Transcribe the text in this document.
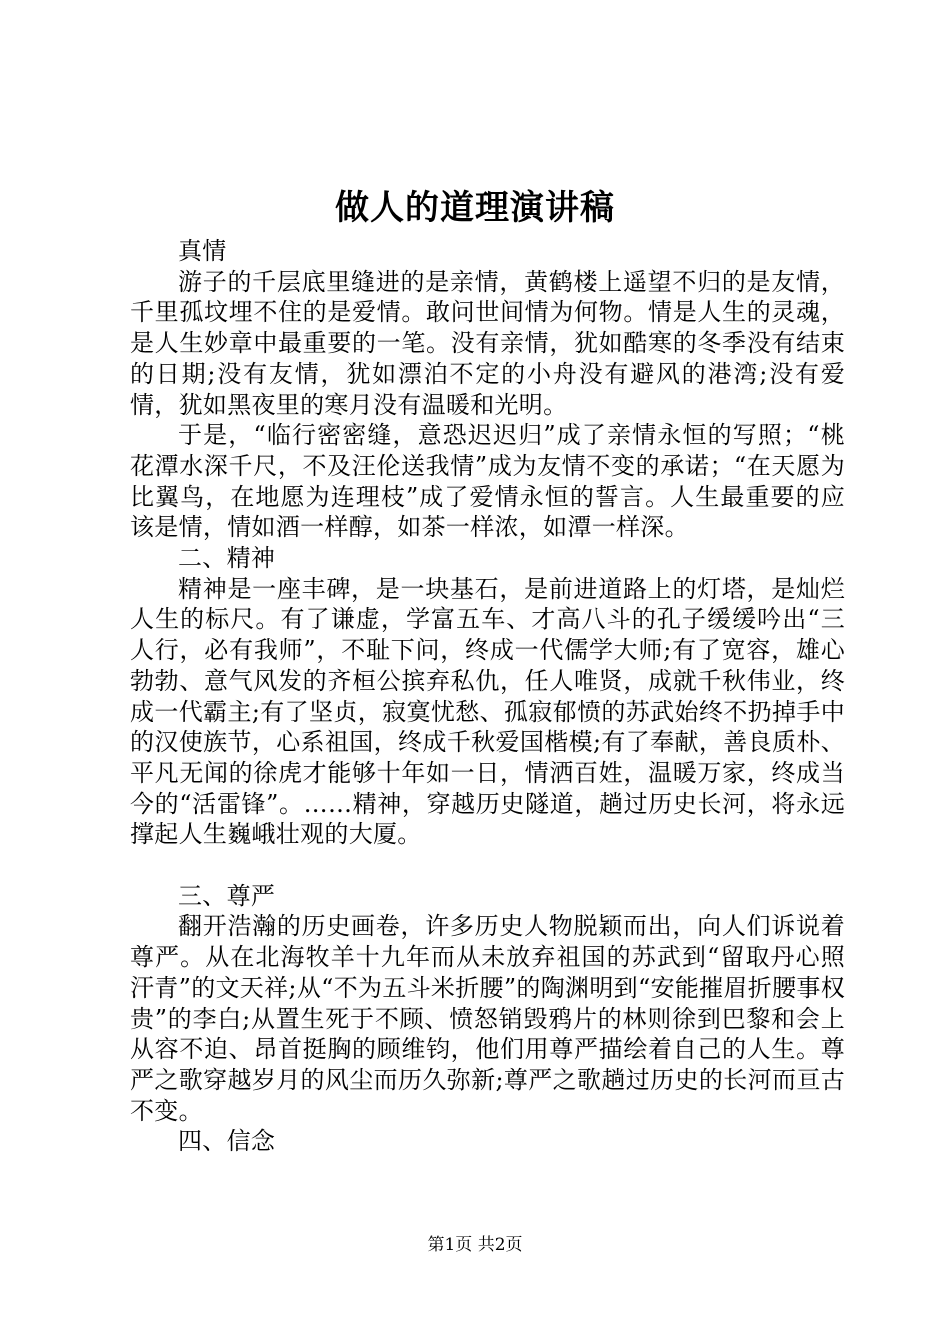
做人的道理演讲稿

真情

游子的千层底里缝进的是亲情，黄鹤楼上遥望不归的是友情，千里孤坟埋不住的是爱情。敢问世间情为何物。情是人生的灵魂，是人生妙章中最重要的一笔。没有亲情，犹如酷寒的冬季没有结束的日期;没有友情，犹如漂泊不定的小舟没有避风的港湾;没有爱情，犹如黑夜里的寒月没有温暖和光明。

于是，“临行密密缝，意恐迟迟归”成了亲情永恒的写照；“桃花潭水深千尺，不及汪伦送我情”成为友情不变的承诺；“在天愿为比翼鸟，在地愿为连理枝”成了爱情永恒的誓言。人生最重要的应该是情，情如酒一样醇，如茶一样浓，如潭一样深。

二、精神

精神是一座丰碑，是一块基石，是前进道路上的灯塔，是灿烂人生的标尺。有了谦虚，学富五车、才高八斗的孔子缓缓吟出“三人行，必有我师”，不耻下问，终成一代儒学大师;有了宽容，雄心勃勃、意气风发的齐桓公摈弃私仇，任人唯贤，成就千秋伟业，终成一代霸主;有了坚贞，寂寞忧愁、孤寂郁愤的苏武始终不扔掉手中的汉使族节，心系祖国，终成千秋爱国楷模;有了奉献，善良质朴、平凡无闻的徐虎才能够十年如一日，情洒百姓，温暖万家，终成当今的“活雷锋”。……精神，穿越历史隧道，趟过历史长河，将永远撑起人生巍峨壮观的大厦。

三、尊严

翻开浩瀚的历史画卷，许多历史人物脱颖而出，向人们诉说着尊严。从在北海牧羊十九年而从未放弃祖国的苏武到“留取丹心照汗青”的文天祥;从“不为五斗米折腰”的陶渊明到“安能摧眉折腰事权贵”的李白;从置生死于不顾、愤怒销毁鸦片的林则徐到巴黎和会上从容不迫、昂首挺胸的顾维钧，他们用尊严描绘着自己的人生。尊严之歌穿越岁月的风尘而历久弥新;尊严之歌趟过历史的长河而亘古不变。

四、信念

第1页 共2页
